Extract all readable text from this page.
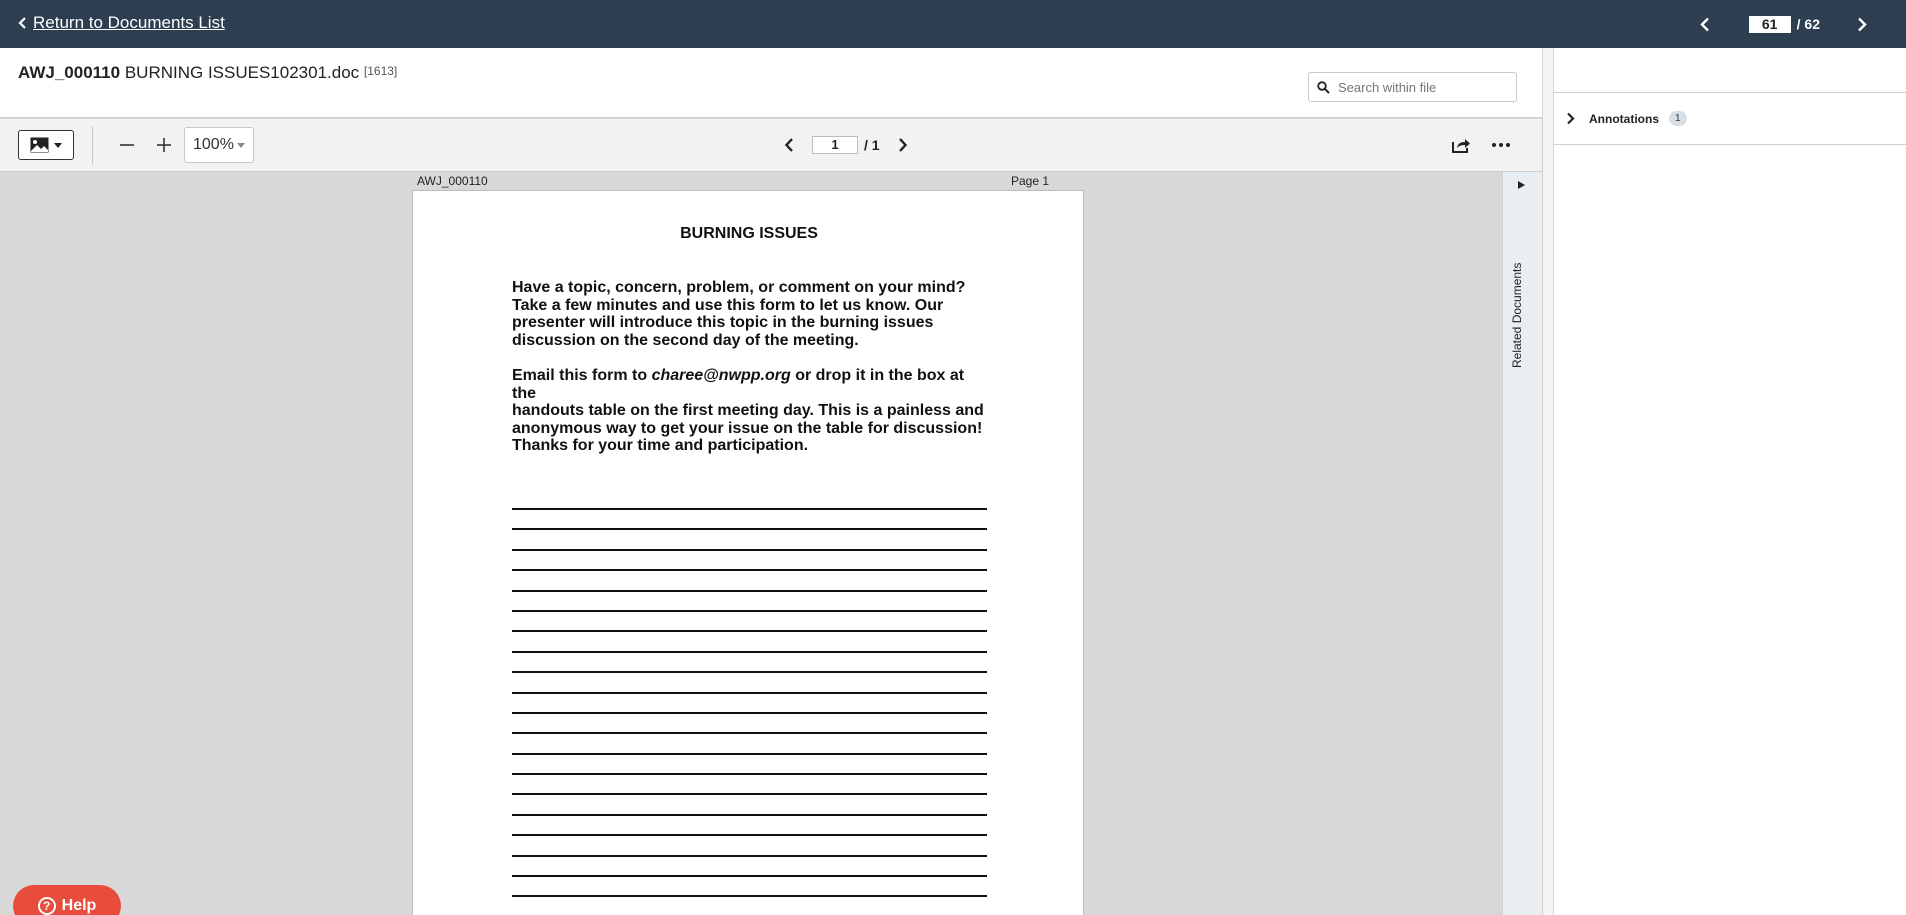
Return to Documents List	61	/ 62
AWJ_000110 BURNING ISSUES102301.doc [1613]
Search within file
100%	1	/ 1
AWJ_000110	Page 1
BURNING ISSUES
Have a topic, concern, problem, or comment on your mind?
Take a few minutes and use this form to let us know. Our
presenter will introduce this topic in the burning issues
discussion on the second day of the meeting.
Email this form to charee@nwpp.org or drop it in the box at the
handouts table on the first meeting day. This is a painless and
anonymous way to get your issue on the table for discussion!
Thanks for your time and participation.
Related Documents
Annotations	1
? Help
